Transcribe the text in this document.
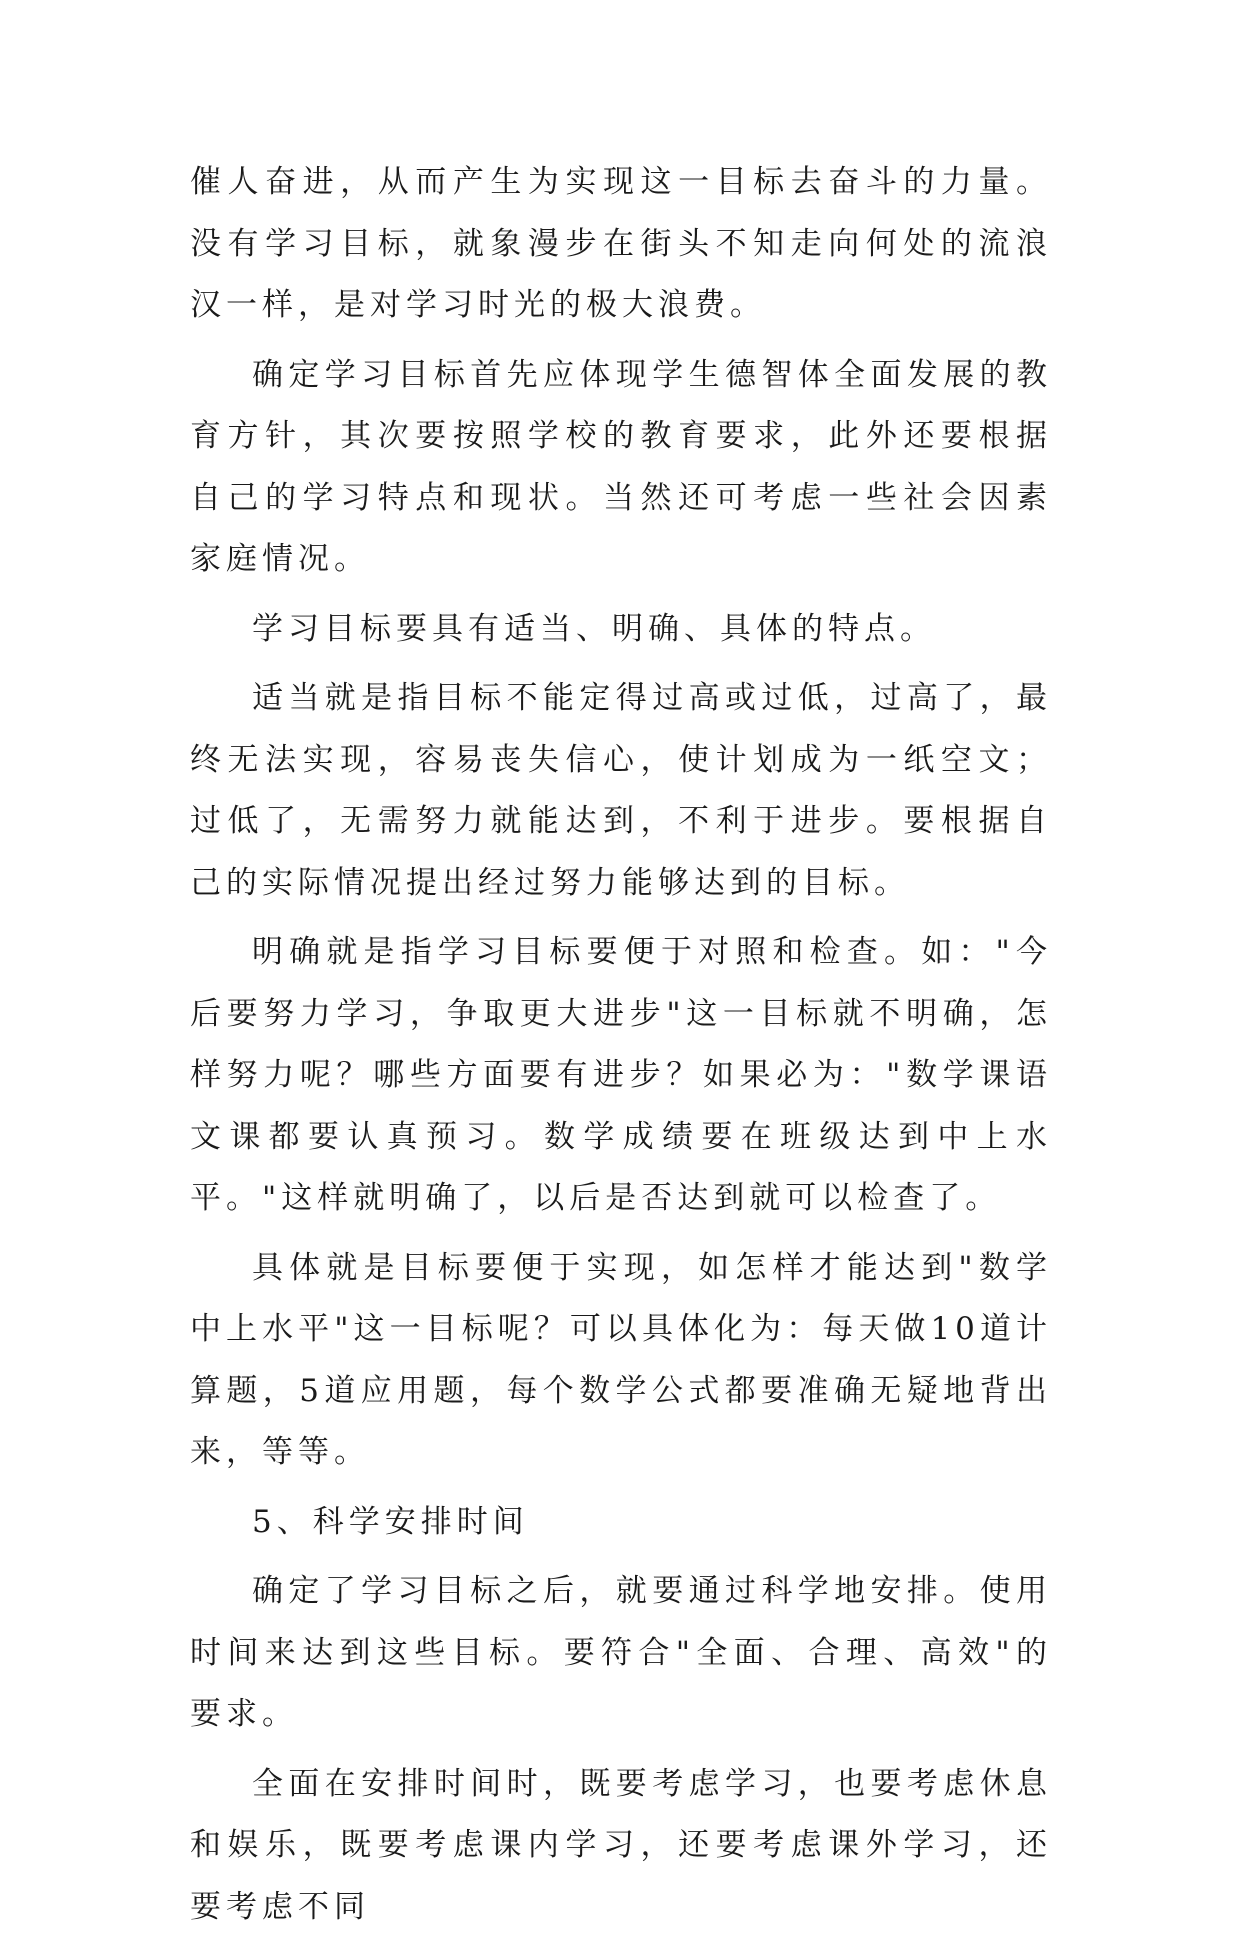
催人奋进，从而产生为实现这一目标去奋斗的力量。没有学习目标，就象漫步在街头不知走向何处的流浪汉一样，是对学习时光的极大浪费。

确定学习目标首先应体现学生德智体全面发展的教育方针，其次要按照学校的教育要求，此外还要根据自己的学习特点和现状。当然还可考虑一些社会因素家庭情况。

学习目标要具有适当、明确、具体的特点。

适当就是指目标不能定得过高或过低，过高了，最终无法实现，容易丧失信心，使计划成为一纸空文；过低了，无需努力就能达到，不利于进步。要根据自己的实际情况提出经过努力能够达到的目标。

明确就是指学习目标要便于对照和检查。如："今后要努力学习，争取更大进步"这一目标就不明确，怎样努力呢？哪些方面要有进步？如果必为："数学课语文课都要认真预习。数学成绩要在班级达到中上水平。"这样就明确了，以后是否达到就可以检查了。

具体就是目标要便于实现，如怎样才能达到"数学中上水平"这一目标呢？可以具体化为：每天做10道计算题，5道应用题，每个数学公式都要准确无疑地背出来，等等。

5、科学安排时间

确定了学习目标之后，就要通过科学地安排。使用时间来达到这些目标。要符合"全面、合理、高效"的要求。

全面在安排时间时，既要考虑学习，也要考虑休息和娱乐，既要考虑课内学习，还要考虑课外学习，还要考虑不同
